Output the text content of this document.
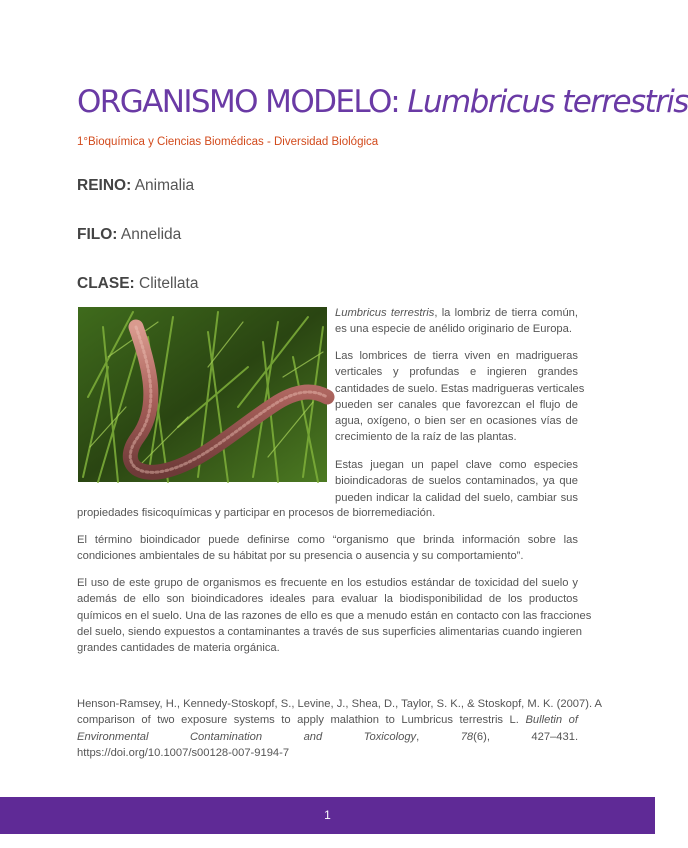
ORGANISMO MODELO: Lumbricus terrestris
1°Bioquímica y Ciencias Biomédicas - Diversidad Biológica
REINO: Animalia
FILO: Annelida
CLASE: Clitellata
Lumbricus terrestris, la lombriz de tierra común,
es una especie de anélido originario de Europa.
Las lombrices de tierra viven en madrigueras
verticales y profundas e ingieren grandes
cantidades de suelo. Estas madrigueras verticales
pueden ser canales que favorezcan el flujo de
agua, oxígeno, o bien ser en ocasiones vías de
crecimiento de la raíz de las plantas.
Estas juegan un papel clave como especies
bioindicadoras de suelos contaminados, ya que
pueden indicar la calidad del suelo, cambiar sus
propiedades fisicoquímicas y participar en procesos de biorremediación.
El término bioindicador puede definirse como “organismo que brinda información sobre las
condiciones ambientales de su hábitat por su presencia o ausencia y su comportamiento”.
El uso de este grupo de organismos es frecuente en los estudios estándar de toxicidad del suelo y
además de ello son bioindicadores ideales para evaluar la biodisponibilidad de los productos
químicos en el suelo. Una de las razones de ello es que a menudo están en contacto con las fracciones
del suelo, siendo expuestos a contaminantes a través de sus superficies alimentarias cuando ingieren
grandes cantidades de materia orgánica.
Henson-Ramsey, H., Kennedy-Stoskopf, S., Levine, J., Shea, D., Taylor, S. K., & Stoskopf, M. K. (2007). A
comparison of two exposure systems to apply malathion to Lumbricus terrestris L. Bulletin of
Environmental	Contamination	and	Toxicology,	78(6),	427–431.
https://doi.org/10.1007/s00128-007-9194-7
1
